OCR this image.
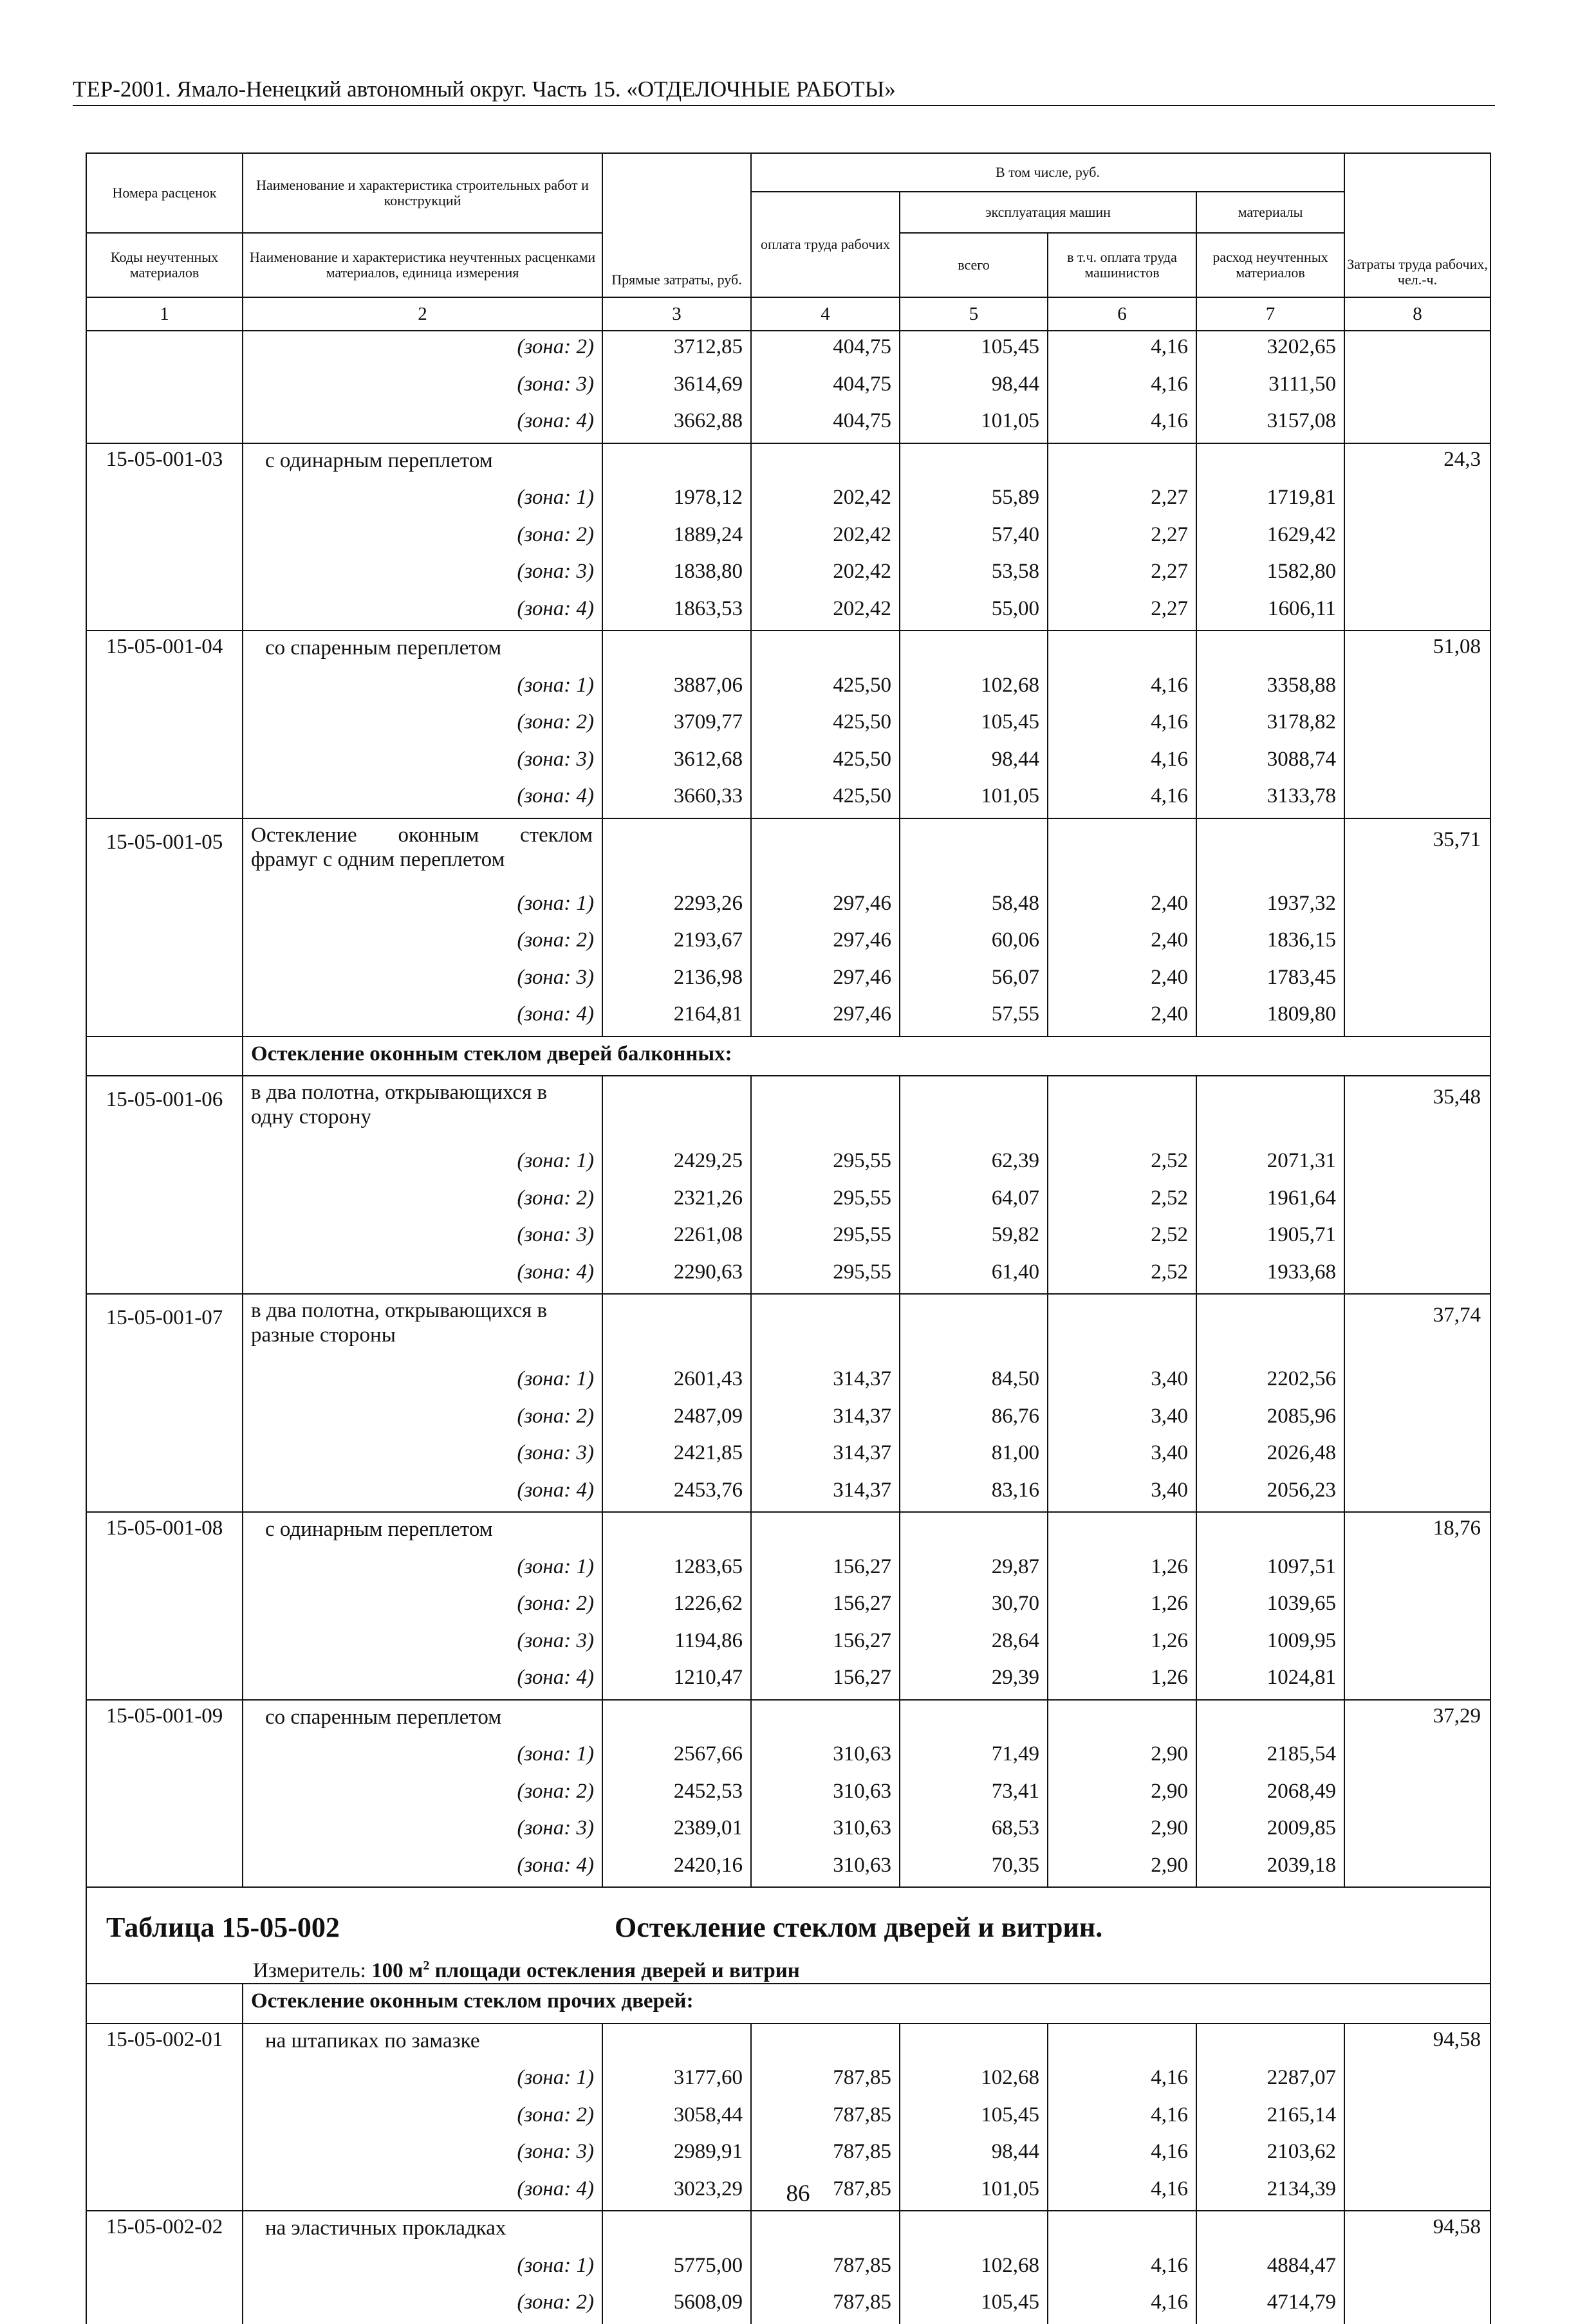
ТЕР-2001. Ямало-Ненецкий автономный округ. Часть 15. «ОТДЕЛОЧНЫЕ РАБОТЫ»
Номера расценок	Наименование и характеристика строительных работ и конструкций	Прямые затраты, руб.	В том числе, руб.				Затраты труда рабочих, чел.-ч.
			оплата труда рабочих	эксплуатация машин		материалы	
Коды неучтенных материалов	Наименование и характеристика неучтенных расценками материалов, единица измерения			всего	в т.ч. оплата труда машинистов	расход неучтенных материалов	
1	2	3	4	5	6	7	8
	(зона: 2)	3712,85	404,75	105,45	4,16	3202,65	
	(зона: 3)	3614,69	404,75	98,44	4,16	3111,50	
	(зона: 4)	3662,88	404,75	101,05	4,16	3157,08	
15-05-001-03	с одинарным переплетом						24,3
	(зона: 1)	1978,12	202,42	55,89	2,27	1719,81	
	(зона: 2)	1889,24	202,42	57,40	2,27	1629,42	
	(зона: 3)	1838,80	202,42	53,58	2,27	1582,80	
	(зона: 4)	1863,53	202,42	55,00	2,27	1606,11	
15-05-001-04	со спаренным переплетом						51,08
	(зона: 1)	3887,06	425,50	102,68	4,16	3358,88	
	(зона: 2)	3709,77	425,50	105,45	4,16	3178,82	
	(зона: 3)	3612,68	425,50	98,44	4,16	3088,74	
	(зона: 4)	3660,33	425,50	101,05	4,16	3133,78	
15-05-001-05	Остекление оконным стеклом фрамуг с одним переплетом						35,71
	(зона: 1)	2293,26	297,46	58,48	2,40	1937,32	
	(зона: 2)	2193,67	297,46	60,06	2,40	1836,15	
	(зона: 3)	2136,98	297,46	56,07	2,40	1783,45	
	(зона: 4)	2164,81	297,46	57,55	2,40	1809,80	
	Остекление оконным стеклом дверей балконных:						
15-05-001-06	в два полотна, открывающихся в одну сторону						35,48
	(зона: 1)	2429,25	295,55	62,39	2,52	2071,31	
	(зона: 2)	2321,26	295,55	64,07	2,52	1961,64	
	(зона: 3)	2261,08	295,55	59,82	2,52	1905,71	
	(зона: 4)	2290,63	295,55	61,40	2,52	1933,68	
15-05-001-07	в два полотна, открывающихся в разные стороны						37,74
	(зона: 1)	2601,43	314,37	84,50	3,40	2202,56	
	(зона: 2)	2487,09	314,37	86,76	3,40	2085,96	
	(зона: 3)	2421,85	314,37	81,00	3,40	2026,48	
	(зона: 4)	2453,76	314,37	83,16	3,40	2056,23	
15-05-001-08	с одинарным переплетом						18,76
	(зона: 1)	1283,65	156,27	29,87	1,26	1097,51	
	(зона: 2)	1226,62	156,27	30,70	1,26	1039,65	
	(зона: 3)	1194,86	156,27	28,64	1,26	1009,95	
	(зона: 4)	1210,47	156,27	29,39	1,26	1024,81	
15-05-001-09	со спаренным переплетом						37,29
	(зона: 1)	2567,66	310,63	71,49	2,90	2185,54	
	(зона: 2)	2452,53	310,63	73,41	2,90	2068,49	
	(зона: 3)	2389,01	310,63	68,53	2,90	2009,85	
	(зона: 4)	2420,16	310,63	70,35	2,90	2039,18	

Таблица 15-05-002 Остекление стеклом дверей и витрин.
Измеритель: 100 $м^2$ площади остекления дверей и витрин							

	Остекление оконным стеклом прочих дверей:						
15-05-002-01	на штапиках по замазке						94,58
	(зона: 1)	3177,60	787,85	102,68	4,16	2287,07	
	(зона: 2)	3058,44	787,85	105,45	4,16	2165,14	
	(зона: 3)	2989,91	787,85	98,44	4,16	2103,62	
	(зона: 4)	3023,29	787,85	101,05	4,16	2134,39	
15-05-002-02	на эластичных прокладках						94,58
	(зона: 1)	5775,00	787,85	102,68	4,16	4884,47	
	(зона: 2)	5608,09	787,85	105,45	4,16	4714,79	
86
